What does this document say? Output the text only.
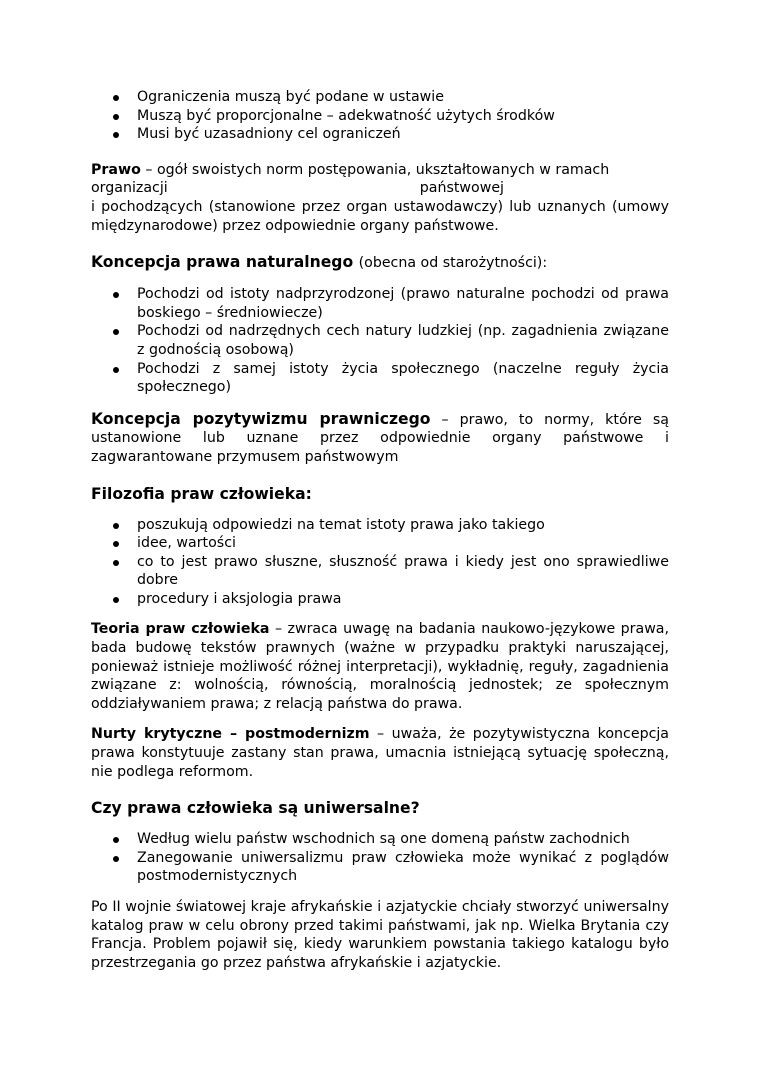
Ograniczenia muszą być podane w ustawie
Muszą być proporcjonalne – adekwatność użytych środków
Musi być uzasadniony cel ograniczeń

Prawo – ogół swoistych norm postępowania, ukształtowanych w ramach

organizacji	państwowej

i pochodzących (stanowione przez organ ustawodawczy) lub uznanych (umowy międzynarodowe) przez odpowiednie organy państwowe.

Koncepcja prawa naturalnego (obecna od starożytności):

Pochodzi od istoty nadprzyrodzonej (prawo naturalne pochodzi od prawa boskiego – średniowiecze)
Pochodzi od nadrzędnych cech natury ludzkiej (np. zagadnienia związane z godnością osobową)
Pochodzi z samej istoty życia społecznego (naczelne reguły życia społecznego)

Koncepcja pozytywizmu prawniczego – prawo, to normy, które są ustanowione lub uznane przez odpowiednie organy państwowe i zagwarantowane przymusem państwowym

Filozofia praw człowieka:

poszukują odpowiedzi na temat istoty prawa jako takiego
idee, wartości
co to jest prawo słuszne, słuszność prawa i kiedy jest ono sprawiedliwe dobre
procedury i aksjologia prawa

Teoria praw człowieka – zwraca uwagę na badania naukowo-językowe prawa, bada budowę tekstów prawnych (ważne w przypadku praktyki naruszającej, ponieważ istnieje możliwość różnej interpretacji), wykładnię, reguły, zagadnienia związane z: wolnością, równością, moralnością jednostek; ze społecznym oddziaływaniem prawa; z relacją państwa do prawa.

Nurty krytyczne – postmodernizm – uważa, że pozytywistyczna koncepcja prawa konstytuuje zastany stan prawa, umacnia istniejącą sytuację społeczną, nie podlega reformom.

Czy prawa człowieka są uniwersalne?

Według wielu państw wschodnich są one domeną państw zachodnich
Zanegowanie uniwersalizmu praw człowieka może wynikać z poglądów postmodernistycznych

Po II wojnie światowej kraje afrykańskie i azjatyckie chciały stworzyć uniwersalny katalog praw w celu obrony przed takimi państwami, jak np. Wielka Brytania czy Francja. Problem pojawił się, kiedy warunkiem powstania takiego katalogu było przestrzegania go przez państwa afrykańskie i azjatyckie.
